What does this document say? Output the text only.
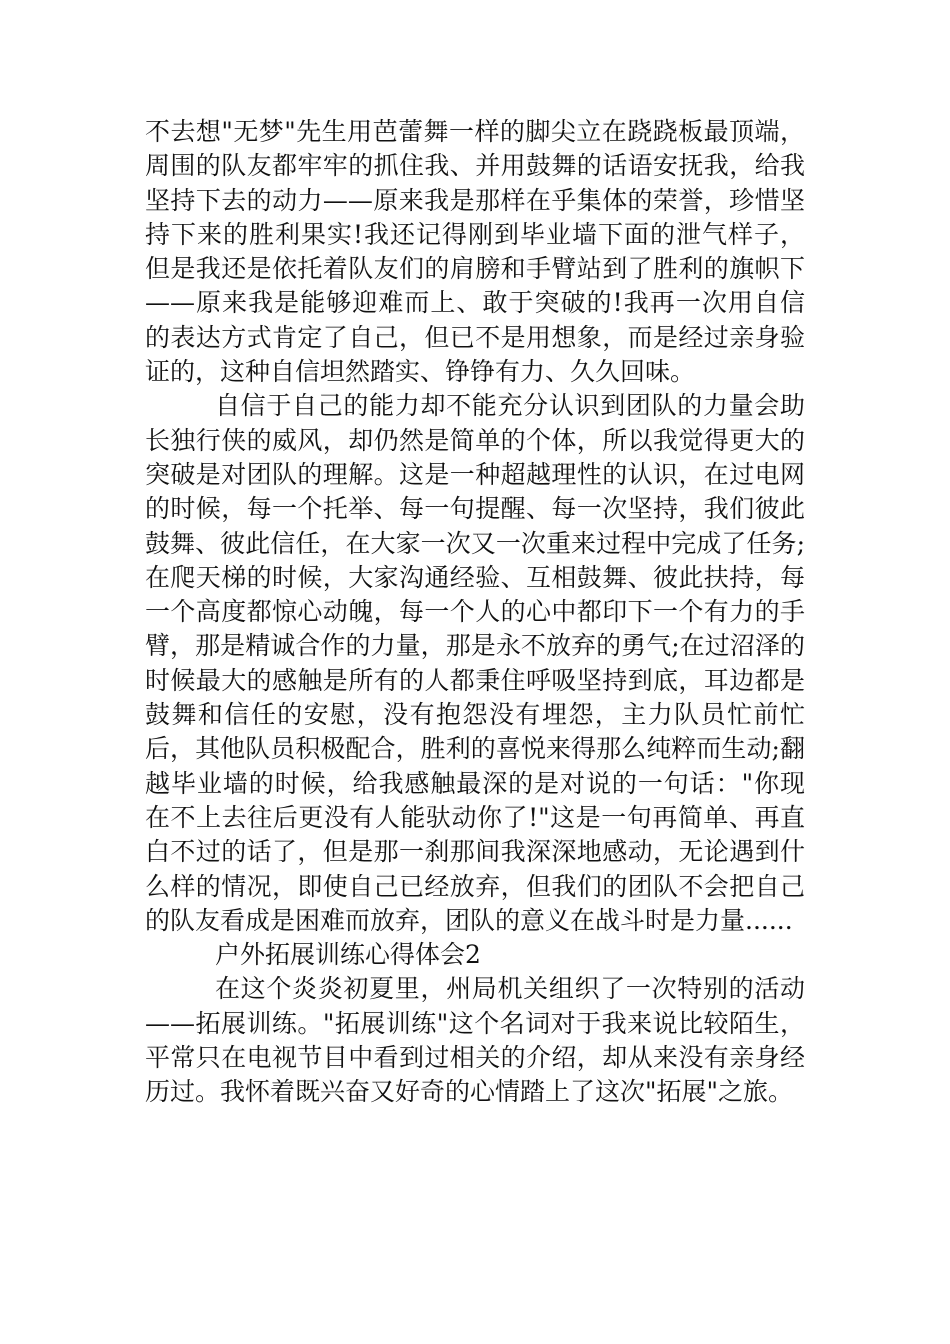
不去想"无梦"先生用芭蕾舞一样的脚尖立在跷跷板最顶端，周围的队友都牢牢的抓住我、并用鼓舞的话语安抚我，给我坚持下去的动力——原来我是那样在乎集体的荣誉，珍惜坚持下来的胜利果实!我还记得刚到毕业墙下面的泄气样子，但是我还是依托着队友们的肩膀和手臂站到了胜利的旗帜下——原来我是能够迎难而上、敢于突破的!我再一次用自信的表达方式肯定了自己，但已不是用想象，而是经过亲身验证的，这种自信坦然踏实、铮铮有力、久久回味。

自信于自己的能力却不能充分认识到团队的力量会助长独行侠的威风，却仍然是简单的个体，所以我觉得更大的突破是对团队的理解。这是一种超越理性的认识，在过电网的时候，每一个托举、每一句提醒、每一次坚持，我们彼此鼓舞、彼此信任，在大家一次又一次重来过程中完成了任务;在爬天梯的时候，大家沟通经验、互相鼓舞、彼此扶持，每一个高度都惊心动魄，每一个人的心中都印下一个有力的手臂，那是精诚合作的力量，那是永不放弃的勇气;在过沼泽的时候最大的感触是所有的人都秉住呼吸坚持到底，耳边都是鼓舞和信任的安慰，没有抱怨没有埋怨，主力队员忙前忙后，其他队员积极配合，胜利的喜悦来得那么纯粹而生动;翻越毕业墙的时候，给我感触最深的是对说的一句话："你现在不上去往后更没有人能驮动你了!"这是一句再简单、再直白不过的话了，但是那一刹那间我深深地感动，无论遇到什么样的情况，即使自己已经放弃，但我们的团队不会把自己的队友看成是困难而放弃，团队的意义在战斗时是力量......

户外拓展训练心得体会2

在这个炎炎初夏里，州局机关组织了一次特别的活动——拓展训练。"拓展训练"这个名词对于我来说比较陌生，平常只在电视节目中看到过相关的介绍，却从来没有亲身经历过。我怀着既兴奋又好奇的心情踏上了这次"拓展"之旅。
